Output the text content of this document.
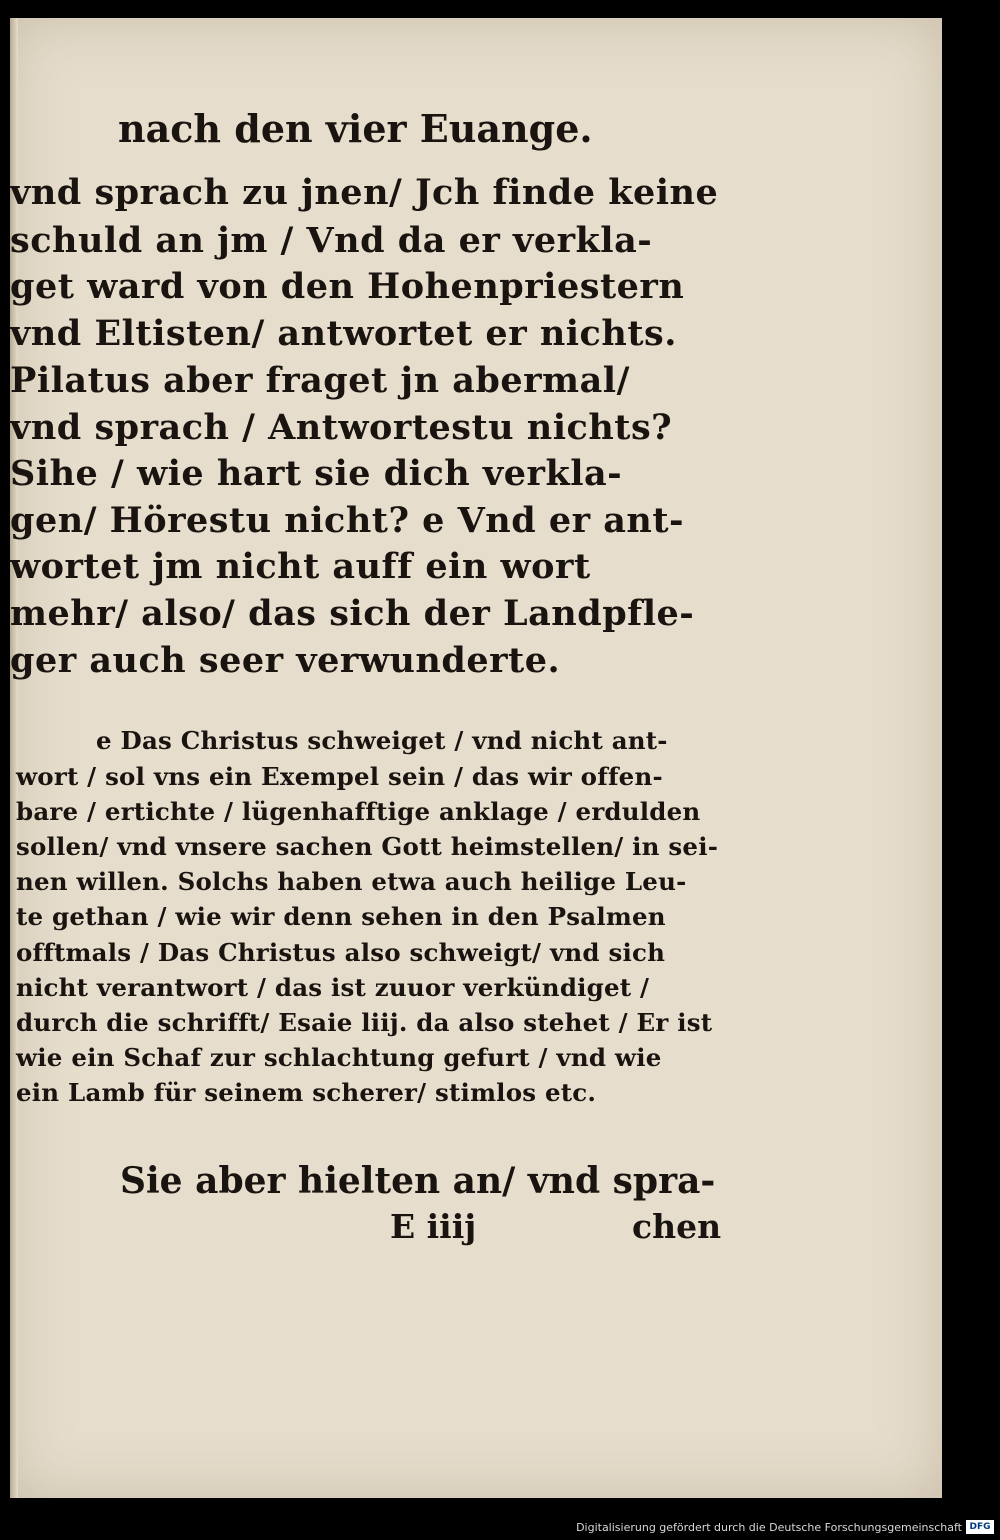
nach den vier Euange.
vnd sprach zu jnen/ Jch finde keine
schuld an jm / Vnd da er verkla-
get ward von den Hohenpriestern
vnd Eltisten/ antwortet er nichts.
Pilatus aber fraget jn abermal/
vnd sprach / Antwortestu nichts?
Sihe / wie hart sie dich verkla-
gen/ Hörestu nicht? e Vnd er ant-
wortet jm nicht auff ein wort
mehr/ also/ das sich der Landpfle-
ger auch seer verwunderte.
e Das Christus schweiget / vnd nicht ant-
wort / sol vns ein Exempel sein / das wir offen-
bare / ertichte / lügenhafftige anklage / erdulden
sollen/ vnd vnsere sachen Gott heimstellen/ in sei-
nen willen. Solchs haben etwa auch heilige Leu-
te gethan / wie wir denn sehen in den Psalmen
offtmals / Das Christus also schweigt/ vnd sich
nicht verantwort / das ist zuuor verkündiget /
durch die schrifft/ Esaie liij. da also stehet / Er ist
wie ein Schaf zur schlachtung gefurt / vnd wie
ein Lamb für seinem scherer/ stimlos etc.
Sie aber hielten an/ vnd spra-
E iiij	chen
Digitalisierung gefördert durch die Deutsche Forschungsgemeinschaft DFG
